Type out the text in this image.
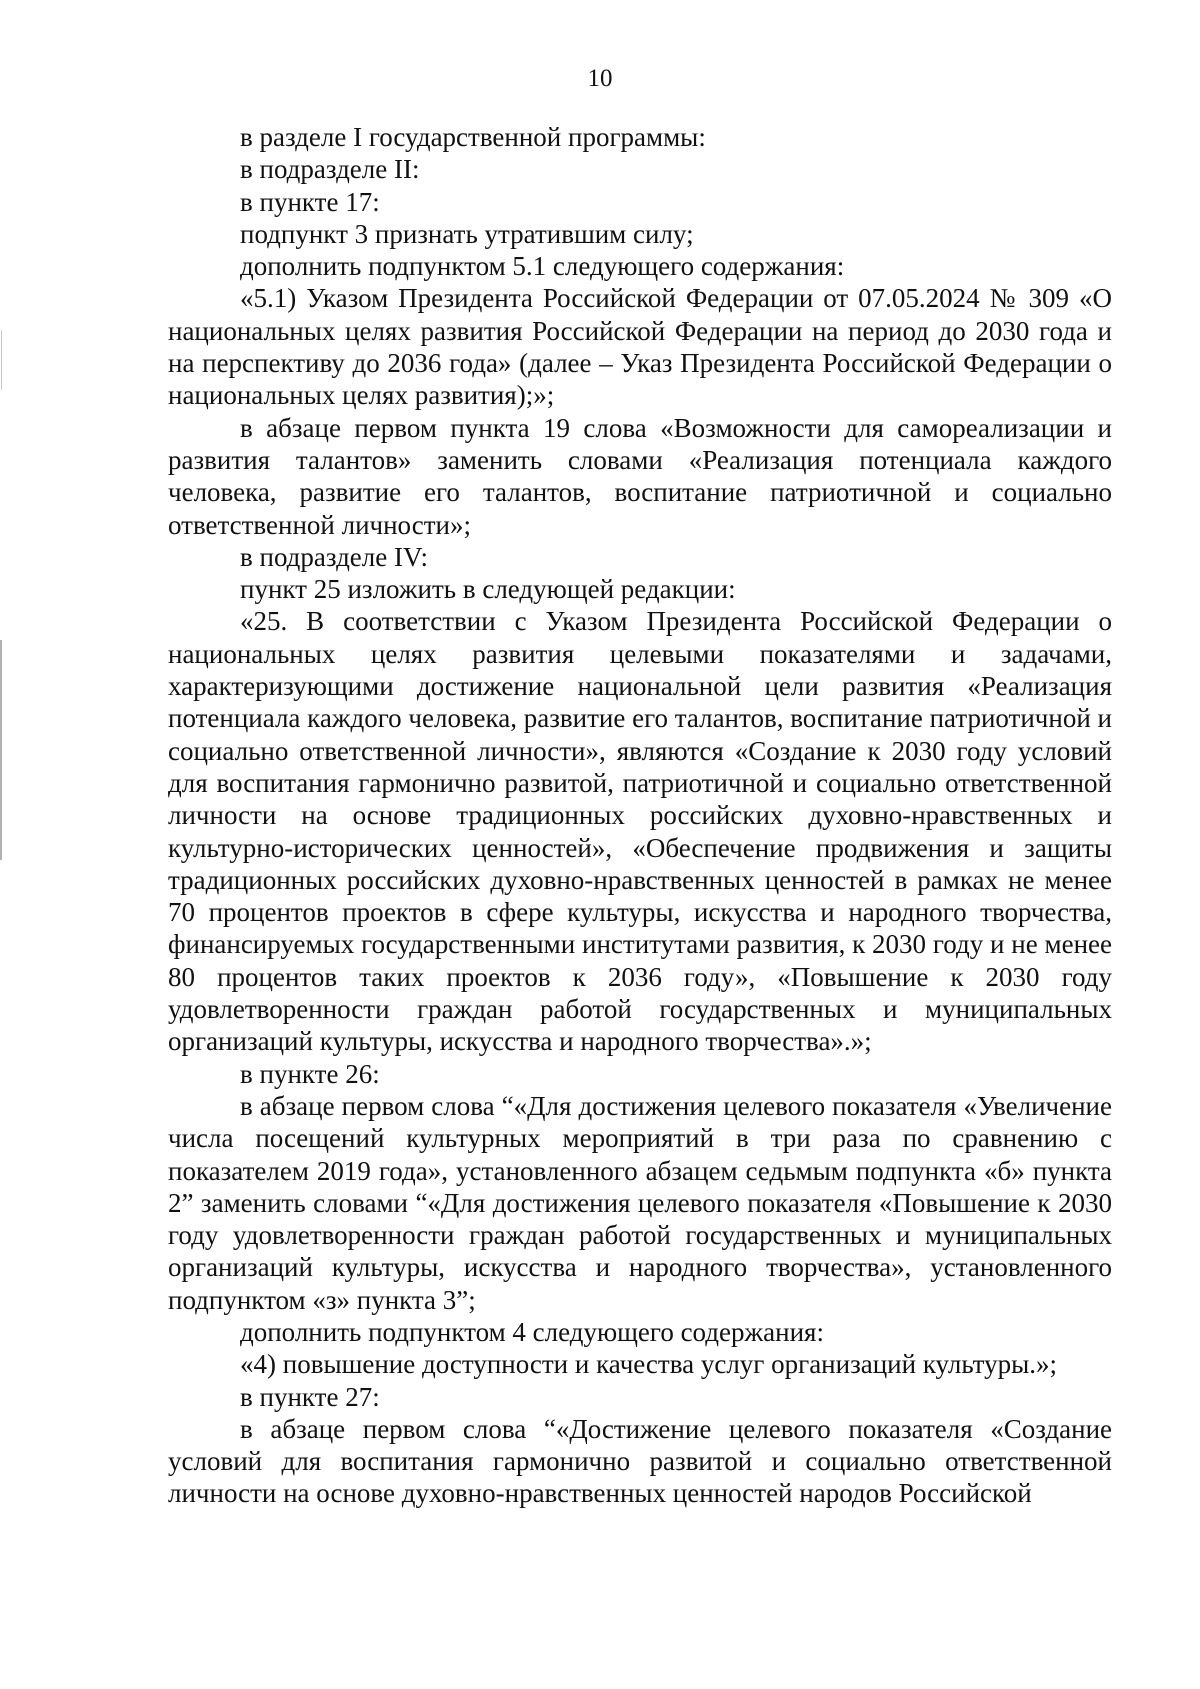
10

в разделе I государственной программы:

в подразделе II:

в пункте 17:

подпункт 3 признать утратившим силу;

дополнить подпунктом 5.1 следующего содержания:

«5.1) Указом Президента Российской Федерации от 07.05.2024 № 309 «О национальных целях развития Российской Федерации на период до 2030 года и на перспективу до 2036 года» (далее – Указ Президента Российской Федерации о национальных целях развития);»;

в абзаце первом пункта 19 слова «Возможности для самореализации и развития талантов» заменить словами «Реализация потенциала каждого человека, развитие его талантов, воспитание патриотичной и социально ответственной личности»;

в подразделе IV:

пункт 25 изложить в следующей редакции:

«25. В соответствии с Указом Президента Российской Федерации о национальных целях развития целевыми показателями и задачами, характеризующими достижение национальной цели развития «Реализация потенциала каждого человека, развитие его талантов, воспитание патриотичной и социально ответственной личности», являются «Создание к 2030 году условий для воспитания гармонично развитой, патриотичной и социально ответственной личности на основе традиционных российских духовно-нравственных и культурно-исторических ценностей», «Обеспечение продвижения и защиты традиционных российских духовно-нравственных ценностей в рамках не менее 70 процентов проектов в сфере культуры, искусства и народного творчества, финансируемых государственными институтами развития, к 2030 году и не менее 80 процентов таких проектов к 2036 году», «Повышение к 2030 году удовлетворенности граждан работой государственных и муниципальных организаций культуры, искусства и народного творчества».»;

в пункте 26:

в абзаце первом слова “«Для достижения целевого показателя «Увеличение числа посещений культурных мероприятий в три раза по сравнению с показателем 2019 года», установленного абзацем седьмым подпункта «б» пункта 2” заменить словами “«Для достижения целевого показателя «Повышение к 2030 году удовлетворенности граждан работой государственных и муниципальных организаций культуры, искусства и народного творчества», установленного подпунктом «з» пункта 3”;

дополнить подпунктом 4 следующего содержания:

«4) повышение доступности и качества услуг организаций культуры.»;

в пункте 27:

в абзаце первом слова “«Достижение целевого показателя «Создание условий для воспитания гармонично развитой и социально ответственной личности на основе духовно-нравственных ценностей народов Российской
